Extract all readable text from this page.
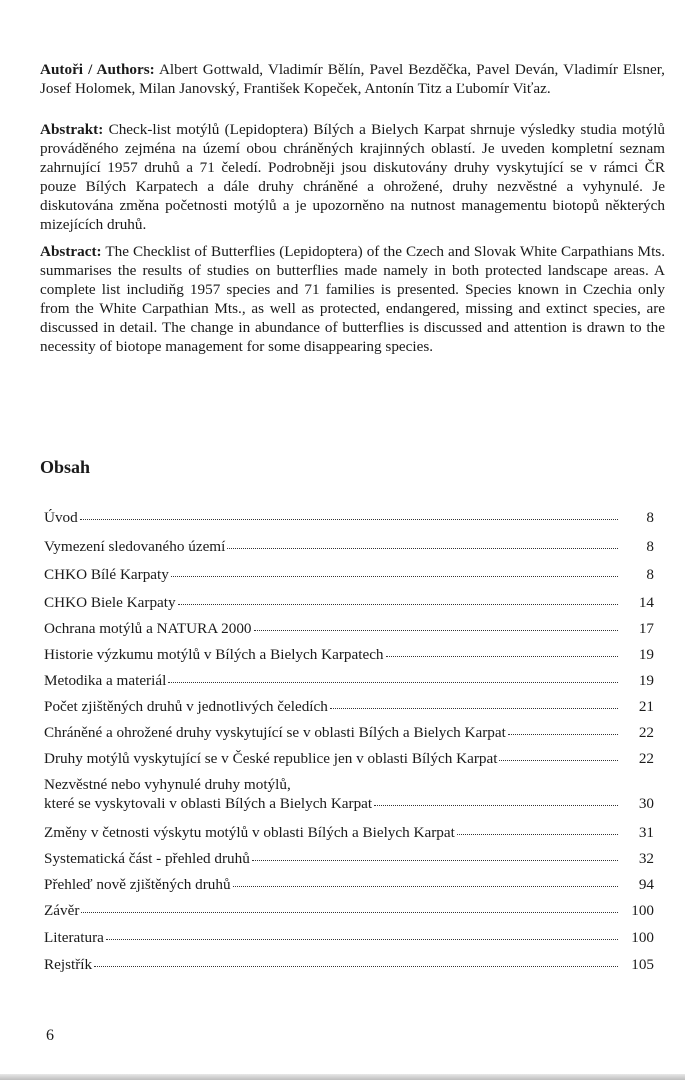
Autoři / Authors: Albert Gottwald, Vladimír Bělín, Pavel Bezděčka, Pavel Deván, Vladimír Elsner, Josef Holomek, Milan Janovský, František Kopeček, Antonín Titz a Ľubomír Viťaz.
Abstrakt: Check-list motýlů (Lepidoptera) Bílých a Bielych Karpat shrnuje výsledky studia motýlů prováděného zejména na území obou chráněných krajinných oblastí. Je uveden kompletní seznam zahrnující 1957 druhů a 71 čeledí. Podrobněji jsou diskutovány druhy vyskytující se v rámci ČR pouze Bílých Karpatech a dále druhy chráněné a ohrožené, druhy nezvěstné a vyhynulé. Je diskutována změna početnosti motýlů a je upozorněno na nutnost managementu biotopů některých mizejících druhů.
Abstract: The Checklist of Butterflies (Lepidoptera) of the Czech and Slovak White Carpathians Mts. summarises the results of studies on butterflies made namely in both protected landscape areas. A complete list includiňg 1957 species and 71 families is presented. Species known in Czechia only from the White Carpathian Mts., as well as protected, endangered, missing and extinct species, are discussed in detail. The change in abundance of butterflies is discussed and attention is drawn to the necessity of biotope management for some disappearing species.
Obsah
Úvod	8
Vymezení sledovaného území	8
CHKO Bílé Karpaty	8
CHKO Biele Karpaty	14
Ochrana motýlů a NATURA 2000	17
Historie výzkumu motýlů v Bílých a Bielych Karpatech	19
Metodika a materiál	19
Počet zjištěných druhů v jednotlivých čeledích	21
Chráněné a ohrožené druhy vyskytující se v oblasti Bílých a Bielych Karpat	22
Druhy motýlů vyskytující se v České republice jen v oblasti Bílých Karpat	22
Nezvěstné nebo vyhynulé druhy motýlů,
které se vyskytovali v oblasti Bílých a Bielych Karpat	30
Změny v četnosti výskytu motýlů v oblasti Bílých a Bielych Karpat	31
Systematická část - přehled druhů	32
Přehleď nově zjištěných druhů	94
Závěr	100
Literatura	100
Rejstřík	105
6
